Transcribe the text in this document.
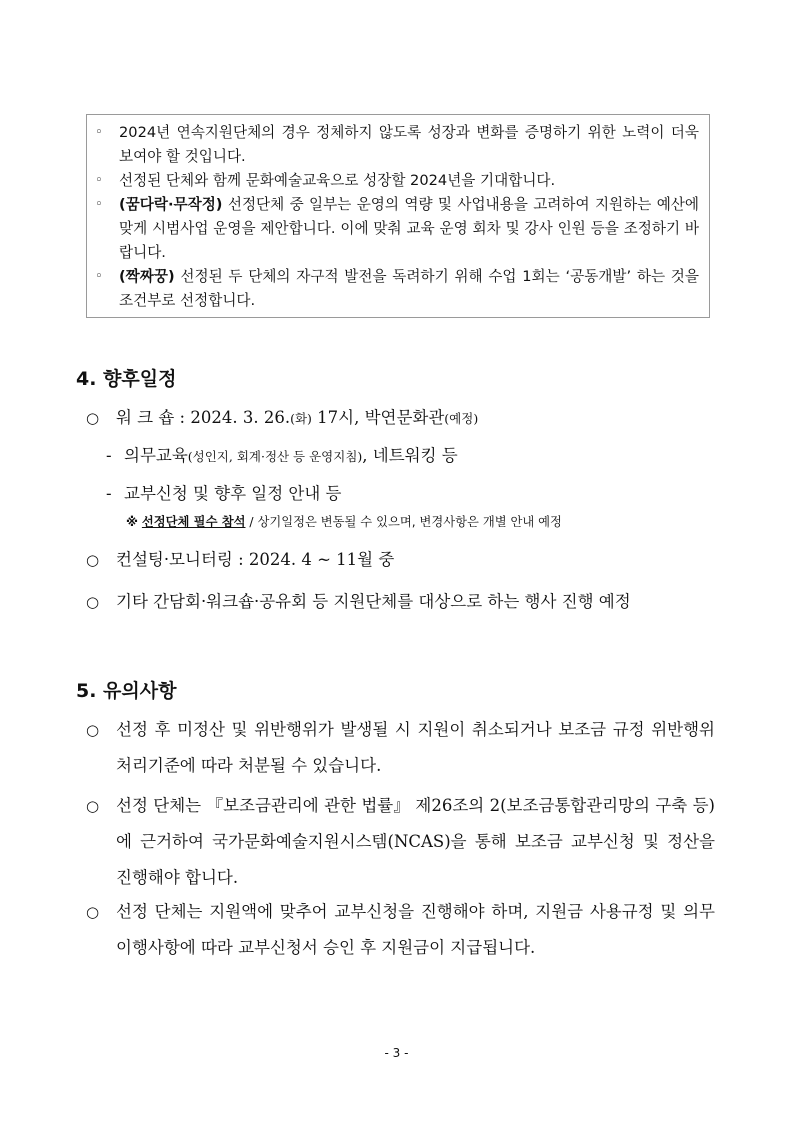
◦	2024년 연속지원단체의 경우 정체하지 않도록 성장과 변화를 증명하기 위한 노력이 더욱 보여야 할 것입니다.
◦	선정된 단체와 함께 문화예술교육으로 성장할 2024년을 기대합니다.
◦	(꿈다락·무작정) 선정단체 중 일부는 운영의 역량 및 사업내용을 고려하여 지원하는 예산에 맞게 시범사업 운영을 제안합니다. 이에 맞춰 교육 운영 회차 및 강사 인원 등을 조정하기 바랍니다.
◦	(짝짜꿍) 선정된 두 단체의 자구적 발전을 독려하기 위해 수업 1회는 ‘공동개발’ 하는 것을 조건부로 선정합니다.
4. 향후일정
○	워 크 숍 : 2024. 3. 26.(화) 17시, 박연문화관(예정)
- 의무교육(성인지, 회계·정산 등 운영지침), 네트워킹 등
- 교부신청 및 향후 일정 안내 등
※ 선정단체 필수 참석 / 상기일정은 변동될 수 있으며, 변경사항은 개별 안내 예정
○	컨설팅·모니터링 : 2024. 4 ~ 11월 중
○	기타 간담회·워크숍·공유회 등 지원단체를 대상으로 하는 행사 진행 예정
5. 유의사항
○	선정 후 미정산 및 위반행위가 발생될 시 지원이 취소되거나 보조금 규정 위반행위 처리기준에 따라 처분될 수 있습니다.
○	선정 단체는 『보조금관리에 관한 법률』 제26조의 2(보조금통합관리망의 구축 등)에 근거하여 국가문화예술지원시스템(NCAS)을 통해 보조금 교부신청 및 정산을 진행해야 합니다.
○	선정 단체는 지원액에 맞추어 교부신청을 진행해야 하며, 지원금 사용규정 및 의무 이행사항에 따라 교부신청서 승인 후 지원금이 지급됩니다.
- 3 -
